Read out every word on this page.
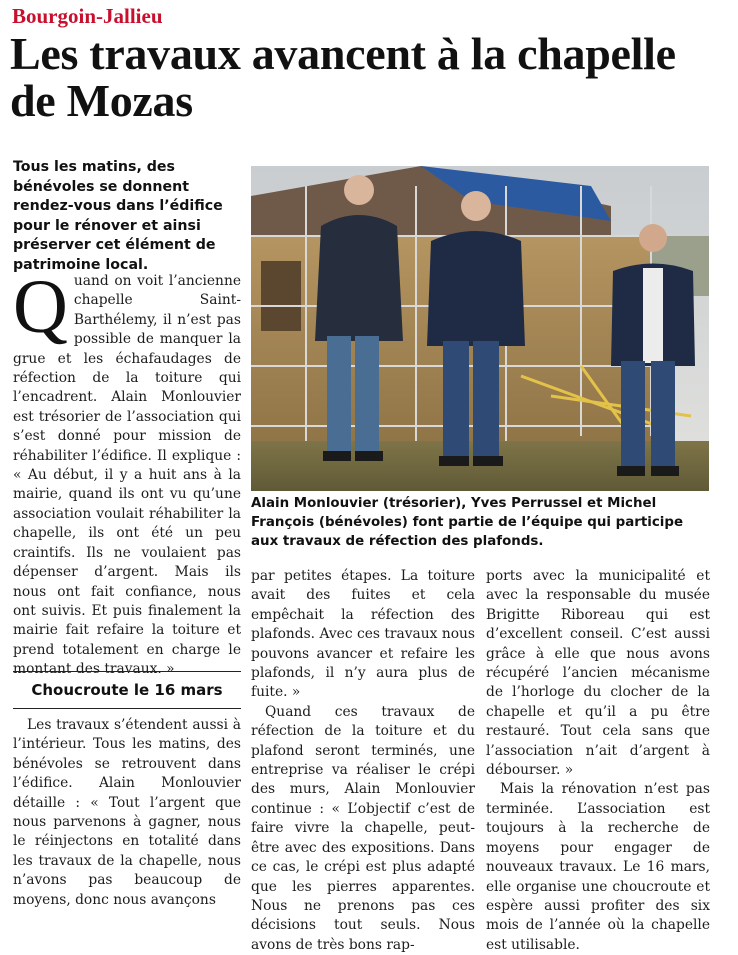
Bourgoin-Jallieu
Les travaux avancent à la chapelle de Mozas

Tous les matins, des bénévoles se donnent rendez-vous dans l’édifice pour le rénover et ainsi préserver cet élément de patrimoine local.

Q uand on voit l’ancienne chapelle Saint-Barthélemy, il n’est pas possible de manquer la grue et les échafaudages de réfection de la toiture qui l’encadrent. Alain Monlouvier est trésorier de l’association qui s’est donné pour mission de réhabiliter l’édifice. Il explique : « Au début, il y a huit ans à la mairie, quand ils ont vu qu’une association voulait réhabiliter la chapelle, ils ont été un peu craintifs. Ils ne voulaient pas dépenser d’argent. Mais ils nous ont fait confiance, nous ont suivis. Et puis finalement la mairie fait refaire la toiture et prend totalement en charge le montant des travaux. »

Choucroute le 16 mars

Les travaux s’étendent aussi à l’intérieur. Tous les matins, des bénévoles se retrouvent dans l’édifice. Alain Monlouvier détaille : « Tout l’argent que nous parvenons à gagner, nous le réinjectons en totalité dans les travaux de la chapelle, nous n’avons pas beaucoup de moyens, donc nous avançons

par petites étapes. La toiture avait des fuites et cela empêchait la réfection des plafonds. Avec ces travaux nous pouvons avancer et refaire les plafonds, il n’y aura plus de fuite. »

Quand ces travaux de réfection de la toiture et du plafond seront terminés, une entreprise va réaliser le crépi des murs, Alain Monlouvier continue : « L’objectif c’est de faire vivre la chapelle, peut-être avec des expositions. Dans ce cas, le crépi est plus adapté que les pierres apparentes. Nous ne prenons pas ces décisions tout seuls. Nous avons de très bons rap-

ports avec la municipalité et avec la responsable du musée Brigitte Riboreau qui est d’excellent conseil. C’est aussi grâce à elle que nous avons récupéré l’ancien mécanisme de l’horloge du clocher de la chapelle et qu’il a pu être restauré. Tout cela sans que l’association n’ait d’argent à débourser. »

Mais la rénovation n’est pas terminée. L’association est toujours à la recherche de moyens pour engager de nouveaux travaux. Le 16 mars, elle organise une choucroute et espère aussi profiter des six mois de l’année où la chapelle est utilisable.

Alain Monlouvier (trésorier), Yves Perrussel et Michel François (bénévoles) font partie de l’équipe qui participe aux travaux de réfection des plafonds.
